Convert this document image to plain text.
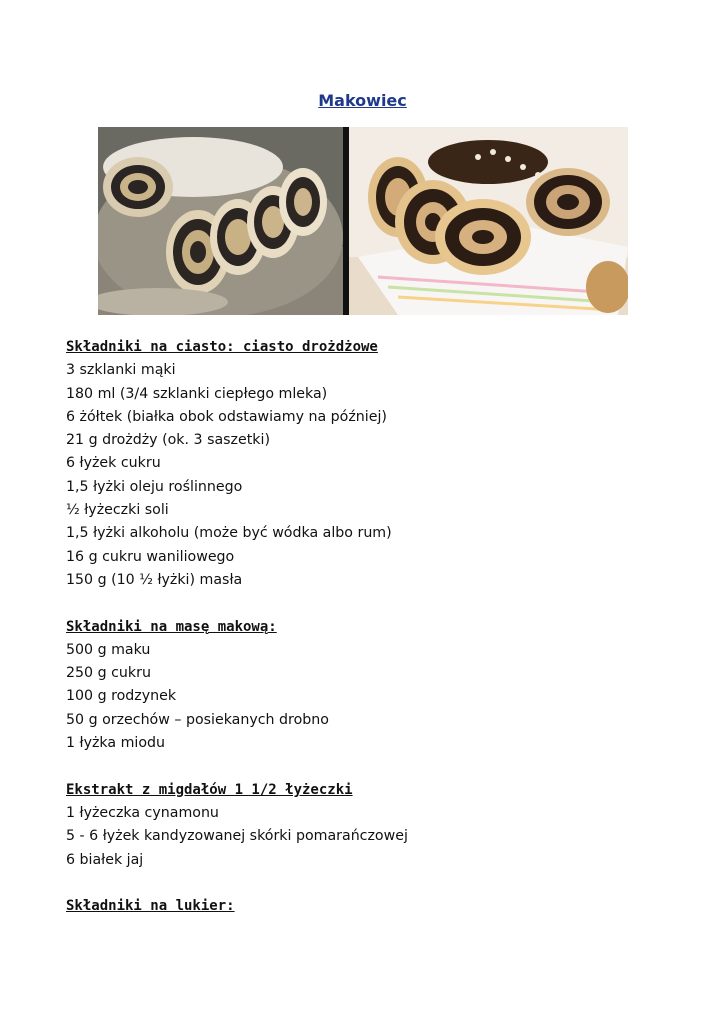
Makowiec
Składniki na ciasto: ciasto drożdżowe
3 szklanki mąki
180 ml (3/4 szklanki ciepłego mleka)
6 żółtek (białka obok odstawiamy na później)
21 g drożdży (ok. 3 saszetki)
6 łyżek cukru
1,5 łyżki oleju roślinnego
½ łyżeczki soli
1,5 łyżki alkoholu (może być wódka albo rum)
16 g cukru waniliowego
150 g (10 ½ łyżki) masła
Składniki na masę makową:
500 g maku
250 g cukru
100 g rodzynek
50 g orzechów – posiekanych drobno
1 łyżka miodu
Ekstrakt z migdałów 1 1/2 łyżeczki
1 łyżeczka cynamonu
5 - 6 łyżek kandyzowanej skórki pomarańczowej
6 białek jaj
Składniki na lukier:
